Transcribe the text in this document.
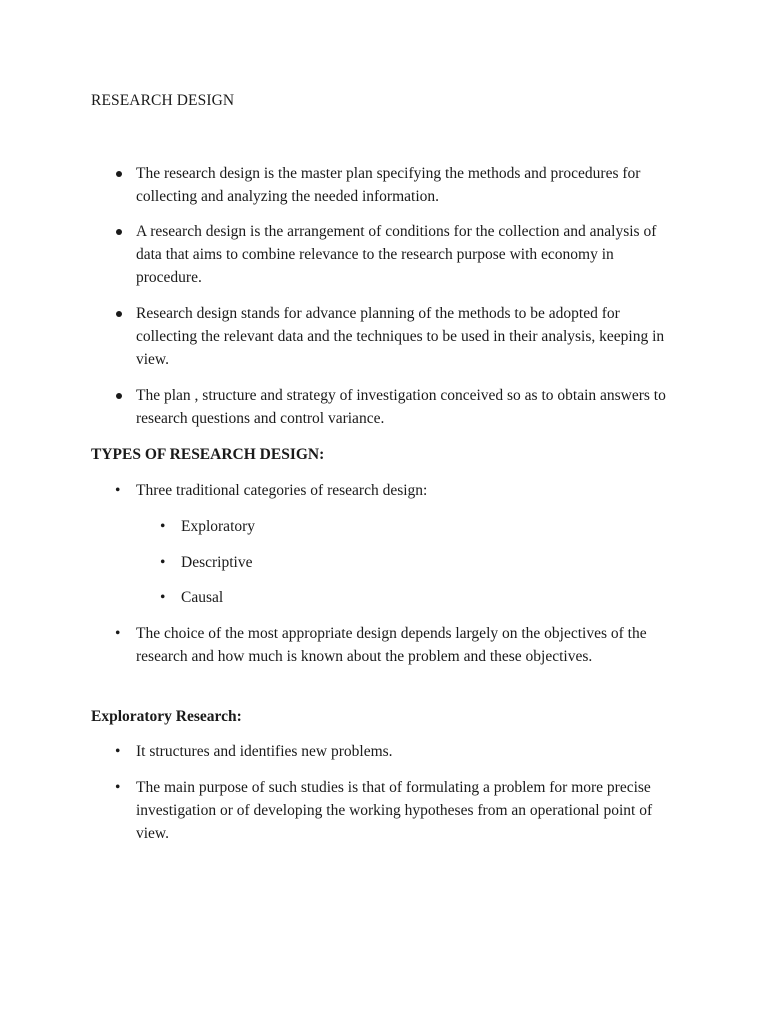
RESEARCH DESIGN
The research design is the master plan specifying the methods and procedures for collecting and analyzing the needed information.
A research design is the arrangement of conditions for the collection and analysis of data that aims to combine relevance to the research purpose with economy in procedure.
Research design stands for advance planning of the methods to be adopted for collecting the relevant data and the techniques to be used in their analysis, keeping in view.
The plan , structure and strategy of investigation conceived so as to obtain answers to research questions and control variance.
TYPES OF RESEARCH DESIGN:
• Three traditional categories of research design:
• Exploratory
• Descriptive
• Causal
• The choice of the most appropriate design depends largely on the objectives of the research and how much is known about the problem and these objectives.
Exploratory Research:
• It structures and identifies new problems.
• The main purpose of such studies is that of formulating a problem for more precise investigation or of developing the working hypotheses from an operational point of view.
